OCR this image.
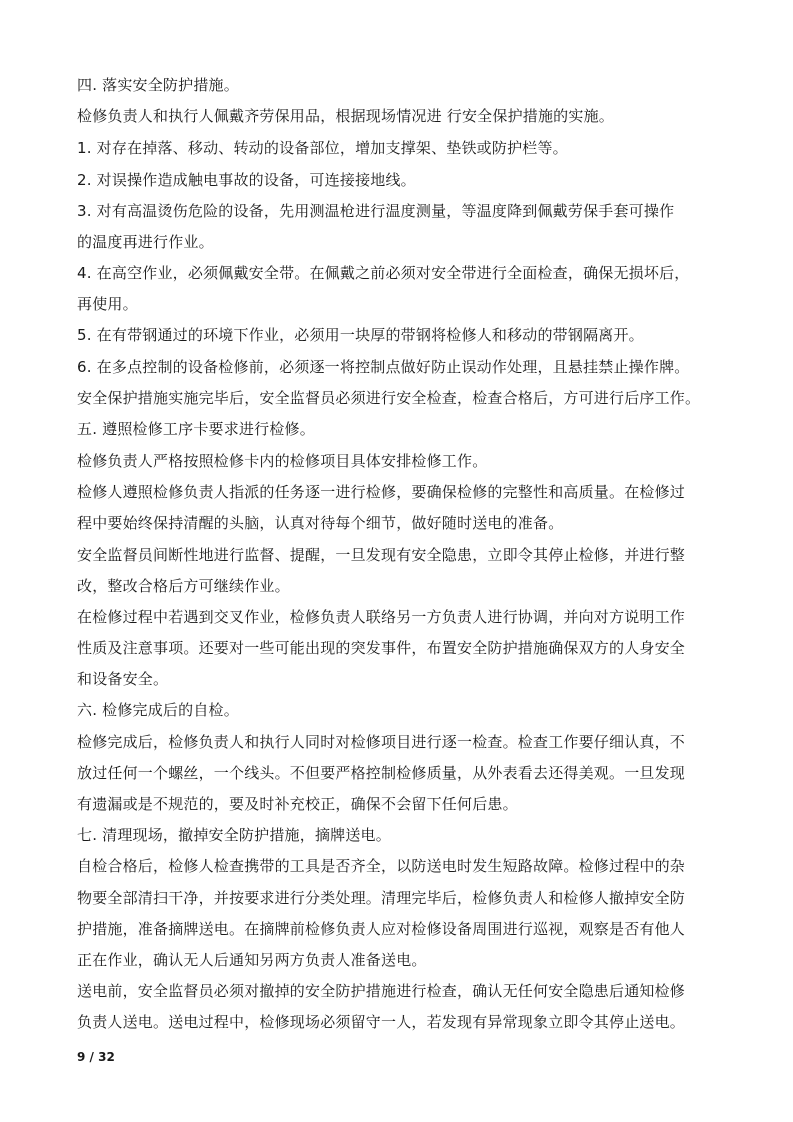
四. 落实安全防护措施。
检修负责人和执行人佩戴齐劳保用品，根据现场情况进 行安全保护措施的实施。
1. 对存在掉落、移动、转动的设备部位，增加支撑架、垫铁或防护栏等。
2. 对误操作造成触电事故的设备，可连接接地线。
3. 对有高温烫伤危险的设备，先用测温枪进行温度测量，等温度降到佩戴劳保手套可操作
的温度再进行作业。
4. 在高空作业，必须佩戴安全带。在佩戴之前必须对安全带进行全面检查，确保无损坏后，
再使用。
5. 在有带钢通过的环境下作业，必须用一块厚的带钢将检修人和移动的带钢隔离开。
6. 在多点控制的设备检修前，必须逐一将控制点做好防止误动作处理，且悬挂禁止操作牌。
安全保护措施实施完毕后，安全监督员必须进行安全检查，检查合格后，方可进行后序工作。
五. 遵照检修工序卡要求进行检修。
检修负责人严格按照检修卡内的检修项目具体安排检修工作。
检修人遵照检修负责人指派的任务逐一进行检修，要确保检修的完整性和高质量。在检修过
程中要始终保持清醒的头脑，认真对待每个细节，做好随时送电的准备。
安全监督员间断性地进行监督、提醒，一旦发现有安全隐患，立即令其停止检修，并进行整
改，整改合格后方可继续作业。
在检修过程中若遇到交叉作业，检修负责人联络另一方负责人进行协调，并向对方说明工作
性质及注意事项。还要对一些可能出现的突发事件，布置安全防护措施确保双方的人身安全
和设备安全。
六. 检修完成后的自检。
检修完成后，检修负责人和执行人同时对检修项目进行逐一检查。检查工作要仔细认真，不
放过任何一个螺丝，一个线头。不但要严格控制检修质量，从外表看去还得美观。一旦发现
有遗漏或是不规范的，要及时补充校正，确保不会留下任何后患。
七. 清理现场，撤掉安全防护措施，摘牌送电。
自检合格后，检修人检查携带的工具是否齐全，以防送电时发生短路故障。检修过程中的杂
物要全部清扫干净，并按要求进行分类处理。清理完毕后，检修负责人和检修人撤掉安全防
护措施，准备摘牌送电。在摘牌前检修负责人应对检修设备周围进行巡视，观察是否有他人
正在作业，确认无人后通知另两方负责人准备送电。
送电前，安全监督员必须对撤掉的安全防护措施进行检查，确认无任何安全隐患后通知检修
负责人送电。送电过程中，检修现场必须留守一人，若发现有异常现象立即令其停止送电。
9 / 32
